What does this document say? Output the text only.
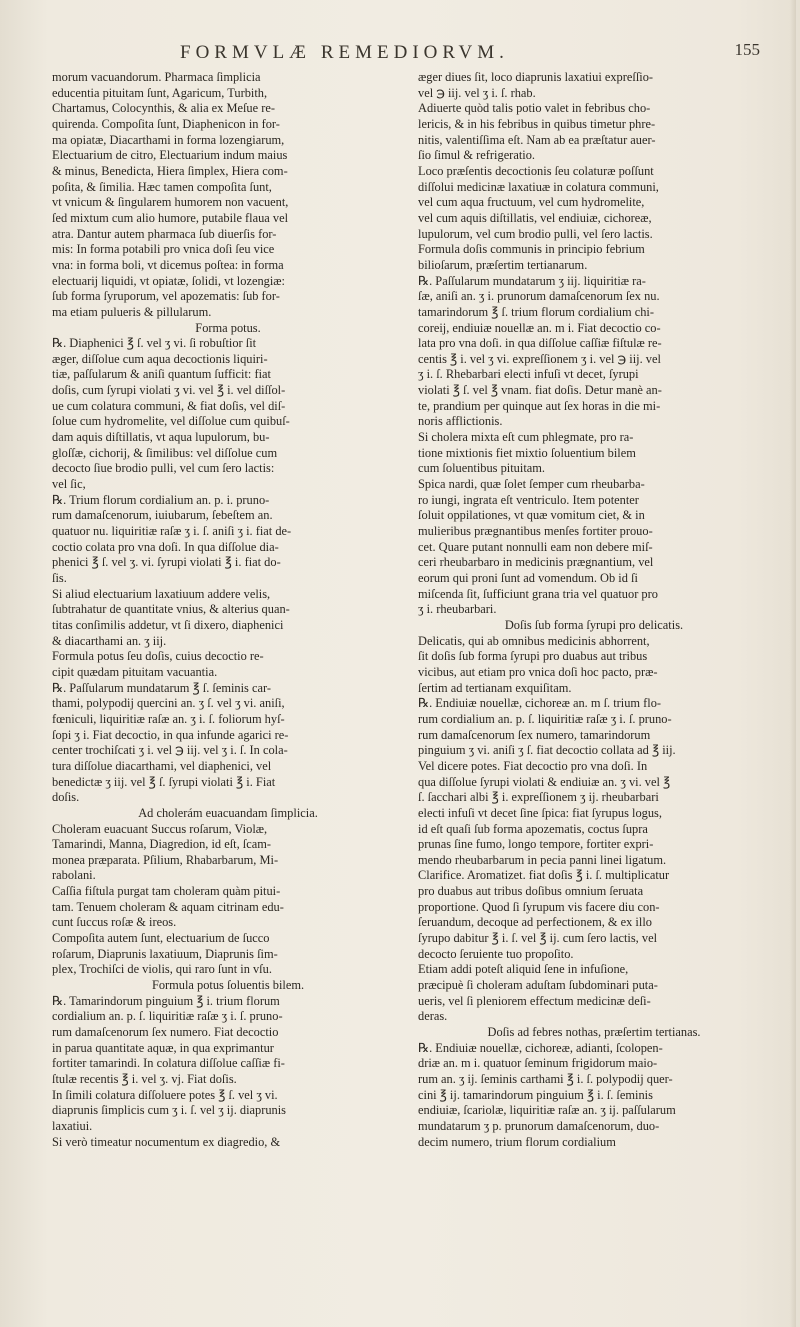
FORMVLÆ REMEDIORVM.	155
morum vacuandorum. Pharmaca ſimplicia
educentia pituitam ſunt, Agaricum, Turbith,
Chartamus, Colocynthis, & alia ex Meſue re-
quirenda. Compoſita ſunt, Diaphenicon in for-
ma opiatæ, Diacarthami in forma lozengiarum,
Electuarium de citro, Electuarium indum maius
& minus, Benedicta, Hiera ſimplex, Hiera com-
poſita, & ſimilia. Hæc tamen compoſita ſunt,
vt vnicum & ſingularem humorem non vacuent,
ſed mixtum cum alio humore, putabile flaua vel
atra. Dantur autem pharmaca ſub diuerſis for-
mis: In forma potabili pro vnica doſi ſeu vice
vna: in forma boli, vt dicemus poſtea: in forma
electuarij liquidi, vt opiatæ, ſolidi, vt lozengiæ:
ſub forma ſyruporum, vel apozematis: ſub for-
ma etiam pulueris & pillularum.
Forma potus.
℞. Diaphenici ℥ ſ. vel ʒ vi. ſi robuſtior ſit
æger, diſſolue cum aqua decoctionis liquiri-
tiæ, paſſularum & aniſi quantum ſufficit: fiat
doſis, cum ſyrupi violati ʒ vi. vel ℥ i. vel diſſol-
ue cum colatura communi, & fiat doſis, vel diſ-
ſolue cum hydromelite, vel diſſolue cum quibuſ-
dam aquis diſtillatis, vt aqua lupulorum, bu-
gloſſæ, cichorij, & ſimilibus: vel diſſolue cum
decocto ſiue brodio pulli, vel cum ſero lactis:
vel ſic,
℞. Trium florum cordialium an. p. i. pruno-
rum damaſcenorum, iuiubarum, ſebeſtem an.
quatuor nu. liquiritiæ raſæ ʒ i. ſ. aniſi ʒ i. fiat de-
coctio colata pro vna doſi. In qua diſſolue dia-
phenici ℥ ſ. vel ʒ. vi. ſyrupi violati ℥ i. fiat do-
ſis.
Si aliud electuarium laxatiuum addere velis,
ſubtrahatur de quantitate vnius, & alterius quan-
titas conſimilis addetur, vt ſi dixero, diaphenici
& diacarthami an. ʒ iij.
Formula potus ſeu doſis, cuius decoctio re-
cipit quædam pituitam vacuantia.
℞. Paſſularum mundatarum ℥ ſ. ſeminis car-
thami, polypodij quercini an. ʒ ſ. vel ʒ vi. aniſi,
fœniculi, liquiritiæ raſæ an. ʒ i. ſ. foliorum hyſ-
ſopi ʒ i. Fiat decoctio, in qua infunde agarici re-
center trochiſcati ʒ i. vel ℈ iij. vel ʒ i. ſ. In cola-
tura diſſolue diacarthami, vel diaphenici, vel
benedictæ ʒ iij. vel ℥ ſ. ſyrupi violati ℥ i. Fiat
doſis.
Ad cholerám euacuandam ſimplicia.
Choleram euacuant Succus roſarum, Violæ,
Tamarindi, Manna, Diagredion, id eſt, ſcam-
monea præparata. Pſilium, Rhabarbarum, Mi-
rabolani.
Caſſia fiſtula purgat tam choleram quàm pitui-
tam. Tenuem choleram & aquam citrinam edu-
cunt ſuccus roſæ & ireos.
Compoſita autem ſunt, electuarium de ſucco
roſarum, Diaprunis laxatiuum, Diaprunis ſim-
plex, Trochiſci de violis, qui raro ſunt in vſu.
Formula potus ſoluentis bilem.
℞. Tamarindorum pinguium ℥ i. trium florum
cordialium an. p. ſ. liquiritiæ raſæ ʒ i. ſ. pruno-
rum damaſcenorum ſex numero. Fiat decoctio
in parua quantitate aquæ, in qua exprimantur
fortiter tamarindi. In colatura diſſolue caſſiæ fi-
ſtulæ recentis ℥ i. vel ʒ. vj. Fiat doſis.
In ſimili colatura diſſoluere potes ℥ ſ. vel ʒ vi.
diaprunis ſimplicis cum ʒ i. ſ. vel ʒ ij. diaprunis
laxatiui.
Si verò timeatur nocumentum ex diagredio, &
æger diues ſit, loco diaprunis laxatiui expreſſio-
vel ℈ iij. vel ʒ i. ſ. rhab.
Adiuerte quòd talis potio valet in febribus cho-
lericis, & in his febribus in quibus timetur phre-
nitis, valentiſſima eſt. Nam ab ea præſtatur auer-
ſio ſimul & refrigeratio.
Loco præſentis decoctionis ſeu colaturæ poſſunt
diſſolui medicinæ laxatiuæ in colatura communi,
vel cum aqua fructuum, vel cum hydromelite,
vel cum aquis diſtillatis, vel endiuiæ, cichoreæ,
lupulorum, vel cum brodio pulli, vel ſero lactis.
Formula doſis communis in principio febrium
bilioſarum, præſertim tertianarum.
℞. Paſſularum mundatarum ʒ iij. liquiritiæ ra-
ſæ, aniſi an. ʒ i. prunorum damaſcenorum ſex nu.
tamarindorum ℥ ſ. trium florum cordialium chi-
coreij, endiuiæ nouellæ an. m i. Fiat decoctio co-
lata pro vna doſi. in qua diſſolue caſſiæ fiſtulæ re-
centis ℥ i. vel ʒ vi. expreſſionem ʒ i. vel ℈ iij. vel
ʒ i. ſ. Rhebarbari electi infuſi vt decet, ſyrupi
violati ℥ ſ. vel ℥ vnam. fiat doſis. Detur manè an-
te, prandium per quinque aut ſex horas in die mi-
noris afflictionis.
Si cholera mixta eſt cum phlegmate, pro ra-
tione mixtionis fiet mixtio ſoluentium bilem
cum ſoluentibus pituitam.
Spica nardi, quæ ſolet ſemper cum rheubarba-
ro iungi, ingrata eſt ventriculo. Item potenter
ſoluit oppilationes, vt quæ vomitum ciet, & in
mulieribus prægnantibus menſes fortiter prouo-
cet. Quare putant nonnulli eam non debere miſ-
ceri rheubarbaro in medicinis prægnantium, vel
eorum qui proni ſunt ad vomendum. Ob id ſi
miſcenda ſit, ſufficiunt grana tria vel quatuor pro
ʒ i. rheubarbari.
Doſis ſub forma ſyrupi pro delicatis.
Delicatis, qui ab omnibus medicinis abhorrent,
ſit doſis ſub forma ſyrupi pro duabus aut tribus
vicibus, aut etiam pro vnica doſi hoc pacto, præ-
ſertim ad tertianam exquiſitam.
℞. Endiuiæ nouellæ, cichoreæ an. m ſ. trium flo-
rum cordialium an. p. ſ. liquiritiæ raſæ ʒ i. ſ. pruno-
rum damaſcenorum ſex numero, tamarindorum
pinguium ʒ vi. aniſi ʒ ſ. fiat decoctio collata ad ℥ iij.
Vel dicere potes. Fiat decoctio pro vna doſi. In
qua diſſolue ſyrupi violati & endiuiæ an. ʒ vi. vel ℥
ſ. ſacchari albi ℥ i. expreſſionem ʒ ij. rheubarbari
electi infuſi vt decet ſine ſpica: fiat ſyrupus logus,
id eſt quaſi ſub forma apozematis, coctus ſupra
prunas ſine fumo, longo tempore, fortiter expri-
mendo rheubarbarum in pecia panni linei ligatum.
Clarifice. Aromatizet. fiat doſis ℥ i. ſ. multiplicatur
pro duabus aut tribus doſibus omnium ſeruata
proportione. Quod ſi ſyrupum vis facere diu con-
ſeruandum, decoque ad perfectionem, & ex illo
ſyrupo dabitur ℥ i. ſ. vel ℥ ij. cum ſero lactis, vel
decocto ſeruiente tuo propoſito.
Etiam addi poteſt aliquid ſene in infuſione,
præcipuè ſi choleram aduſtam ſubdominari puta-
ueris, vel ſi pleniorem effectum medicinæ deſi-
deras.
Doſis ad febres nothas, præſertim tertianas.
℞. Endiuiæ nouellæ, cichoreæ, adianti, ſcolopen-
driæ an. m i. quatuor ſeminum frigidorum maio-
rum an. ʒ ij. ſeminis carthami ℥ i. ſ. polypodij quer-
cini ℥ ij. tamarindorum pinguium ℥ i. ſ. ſeminis
endiuiæ, ſcariolæ, liquiritiæ raſæ an. ʒ ij. paſſularum
mundatarum ʒ p. prunorum damaſcenorum, duo-
decim numero, trium florum cordialium
